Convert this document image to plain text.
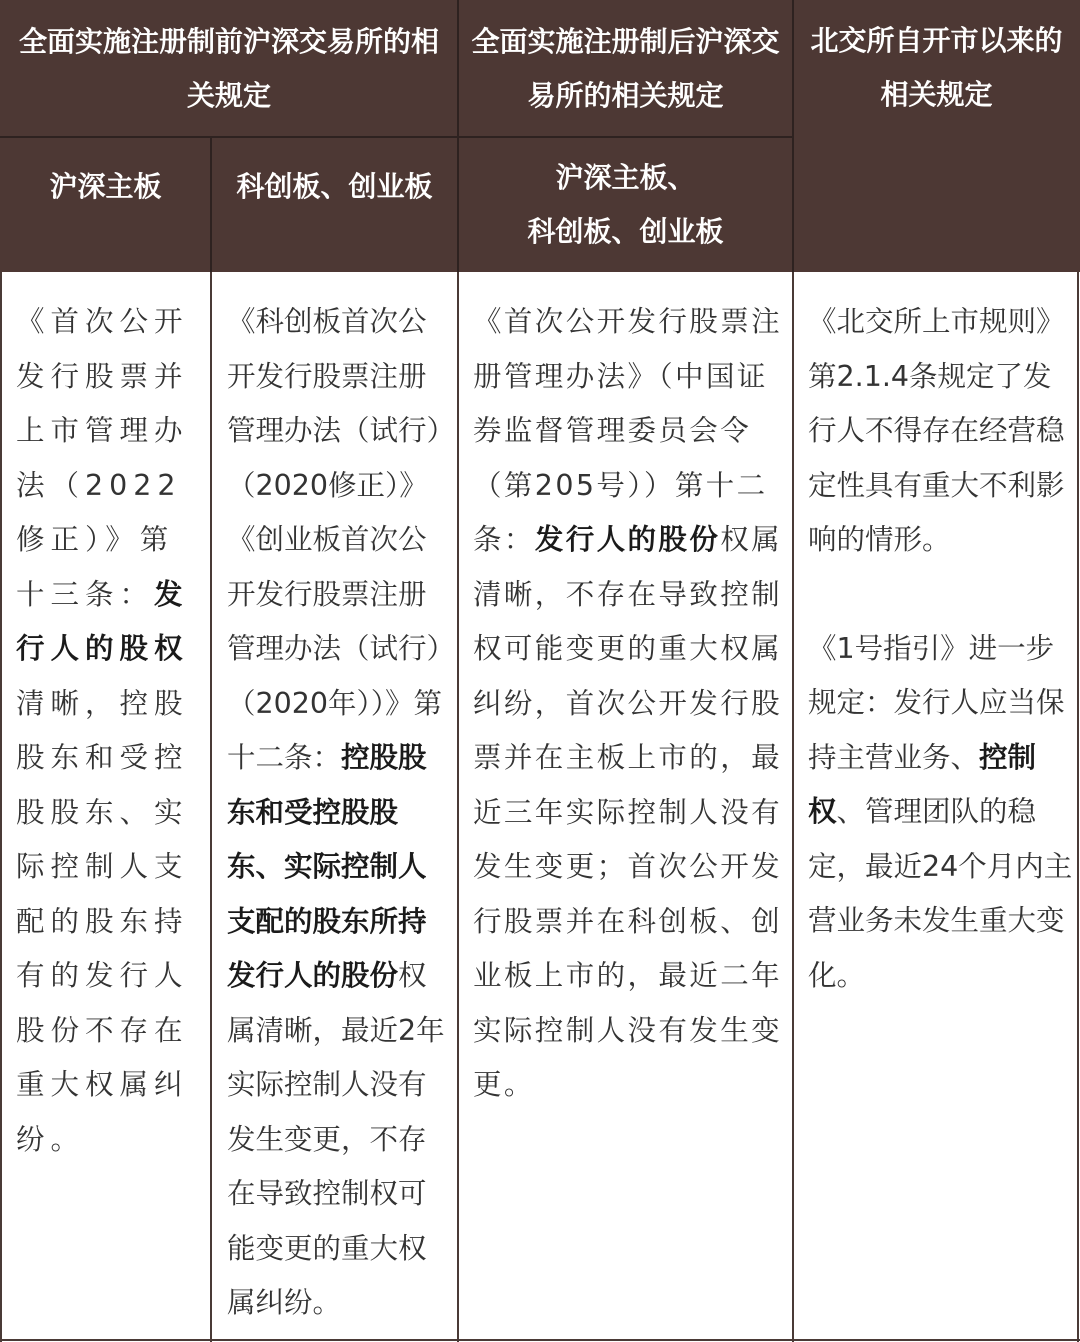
全面实施注册制前沪深交易所的相关规定
全面实施注册制后沪深交易所的相关规定
北交所自开市以来的相关规定
沪深主板	科创板、创业板	沪深主板、
科创板、创业板
《首次公开发行股票并上市管理办法（2022修正）》第十三条：发行人的股权清晰，控股股东和受控股股东、实际控制人支配的股东持有的发行人股份不存在重大权属纠纷。
《科创板首次公开发行股票注册管理办法（试行）（2020修正）》《创业板首次公开发行股票注册管理办法（试行）（2020年））》第十二条：控股股东和受控股股东、实际控制人支配的股东所持发行人的股份权属清晰，最近2年实际控制人没有发生变更，不存在导致控制权可能变更的重大权属纠纷。
《首次公开发行股票注册管理办法》（中国证券监督管理委员会令（第205号））第十二条：发行人的股份权属清晰，不存在导致控制权可能变更的重大权属纠纷，首次公开发行股票并在主板上市的，最近三年实际控制人没有发生变更；首次公开发行股票并在科创板、创业板上市的，最近二年实际控制人没有发生变更。
《北交所上市规则》第2.1.4条规定了发行人不得存在经营稳定性具有重大不利影响的情形。
《1号指引》进一步规定：发行人应当保持主营业务、控制权、管理团队的稳定，最近24个月内主营业务未发生重大变化。
